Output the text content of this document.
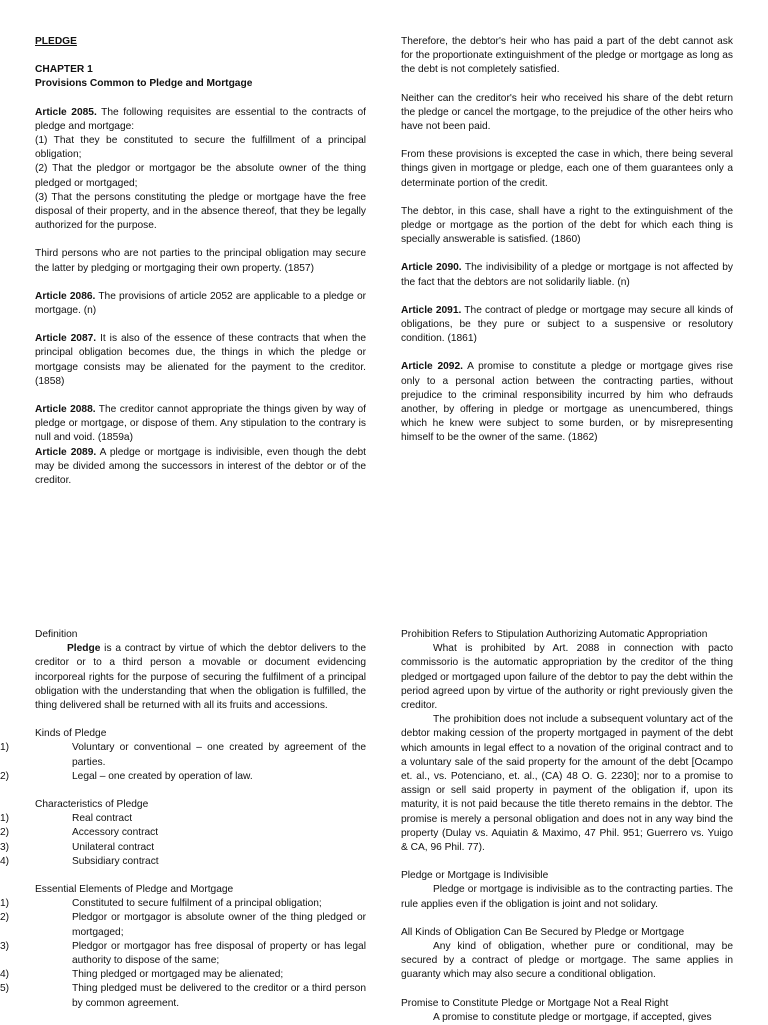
PLEDGE

CHAPTER 1

Provisions Common to Pledge and Mortgage

Article 2085. The following requisites are essential to the contracts of pledge and mortgage:

(1) That they be constituted to secure the fulfillment of a principal obligation;

(2) That the pledgor or mortgagor be the absolute owner of the thing pledged or mortgaged;

(3) That the persons constituting the pledge or mortgage have the free disposal of their property, and in the absence thereof, that they be legally authorized for the purpose.

Third persons who are not parties to the principal obligation may secure the latter by pledging or mortgaging their own property. (1857)

Article 2086. The provisions of article 2052 are applicable to a pledge or mortgage. (n)

Article 2087. It is also of the essence of these contracts that when the principal obligation becomes due, the things in which the pledge or mortgage consists may be alienated for the payment to the creditor. (1858)

Article 2088. The creditor cannot appropriate the things given by way of pledge or mortgage, or dispose of them. Any stipulation to the contrary is null and void. (1859a)

Article 2089. A pledge or mortgage is indivisible, even though the debt may be divided among the successors in interest of the debtor or of the creditor.

Therefore, the debtor's heir who has paid a part of the debt cannot ask for the proportionate extinguishment of the pledge or mortgage as long as the debt is not completely satisfied.

Neither can the creditor's heir who received his share of the debt return the pledge or cancel the mortgage, to the prejudice of the other heirs who have not been paid.

From these provisions is excepted the case in which, there being several things given in mortgage or pledge, each one of them guarantees only a determinate portion of the credit.

The debtor, in this case, shall have a right to the extinguishment of the pledge or mortgage as the portion of the debt for which each thing is specially answerable is satisfied. (1860)

Article 2090. The indivisibility of a pledge or mortgage is not affected by the fact that the debtors are not solidarily liable. (n)

Article 2091. The contract of pledge or mortgage may secure all kinds of obligations, be they pure or subject to a suspensive or resolutory condition. (1861)

Article 2092. A promise to constitute a pledge or mortgage gives rise only to a personal action between the contracting parties, without prejudice to the criminal responsibility incurred by him who defrauds another, by offering in pledge or mortgage as unencumbered, things which he knew were subject to some burden, or by misrepresenting himself to be the owner of the same. (1862)

Definition

Pledge is a contract by virtue of which the debtor delivers to the creditor or to a third person a movable or document evidencing incorporeal rights for the purpose of securing the fulfilment of a principal obligation with the understanding that when the obligation is fulfilled, the thing delivered shall be returned with all its fruits and accessions.

Kinds of Pledge

1)	Voluntary or conventional – one created by agreement of the parties.
2)	Legal – one created by operation of law.

Characteristics of Pledge

1)	Real contract
2)	Accessory contract
3)	Unilateral contract
4)	Subsidiary contract

Essential Elements of Pledge and Mortgage

1)	Constituted to secure fulfilment of a principal obligation;
2)	Pledgor or mortgagor is absolute owner of the thing pledged or mortgaged;
3)	Pledgor or mortgagor has free disposal of property or has legal authority to dispose of the same;
4)	Thing pledged or mortgaged may be alienated;
5)	Thing pledged must be delivered to the creditor or a third person by common agreement.

Prohibition Refers to Stipulation Authorizing Automatic Appropriation

What is prohibited by Art. 2088 in connection with pacto commissorio is the automatic appropriation by the creditor of the thing pledged or mortgaged upon failure of the debtor to pay the debt within the period agreed upon by virtue of the authority or right previously given the creditor.

The prohibition does not include a subsequent voluntary act of the debtor making cession of the property mortgaged in payment of the debt which amounts in legal effect to a novation of the original contract and to a voluntary sale of the said property for the amount of the debt [Ocampo et. al., vs. Potenciano, et. al., (CA) 48 O. G. 2230]; nor to a promise to assign or sell said property in payment of the obligation if, upon its maturity, it is not paid because the title thereto remains in the debtor. The promise is merely a personal obligation and does not in any way bind the property (Dulay vs. Aquiatin & Maximo, 47 Phil. 951; Guerrero vs. Yuigo & CA, 96 Phil. 77).

Pledge or Mortgage is Indivisible

Pledge or mortgage is indivisible as to the contracting parties. The rule applies even if the obligation is joint and not solidary.

All Kinds of Obligation Can Be Secured by Pledge or Mortgage

Any kind of obligation, whether pure or conditional, may be secured by a contract of pledge or mortgage. The same applies in guaranty which may also secure a conditional obligation.

Promise to Constitute Pledge or Mortgage Not a Real Right

A promise to constitute pledge or mortgage, if accepted, gives
